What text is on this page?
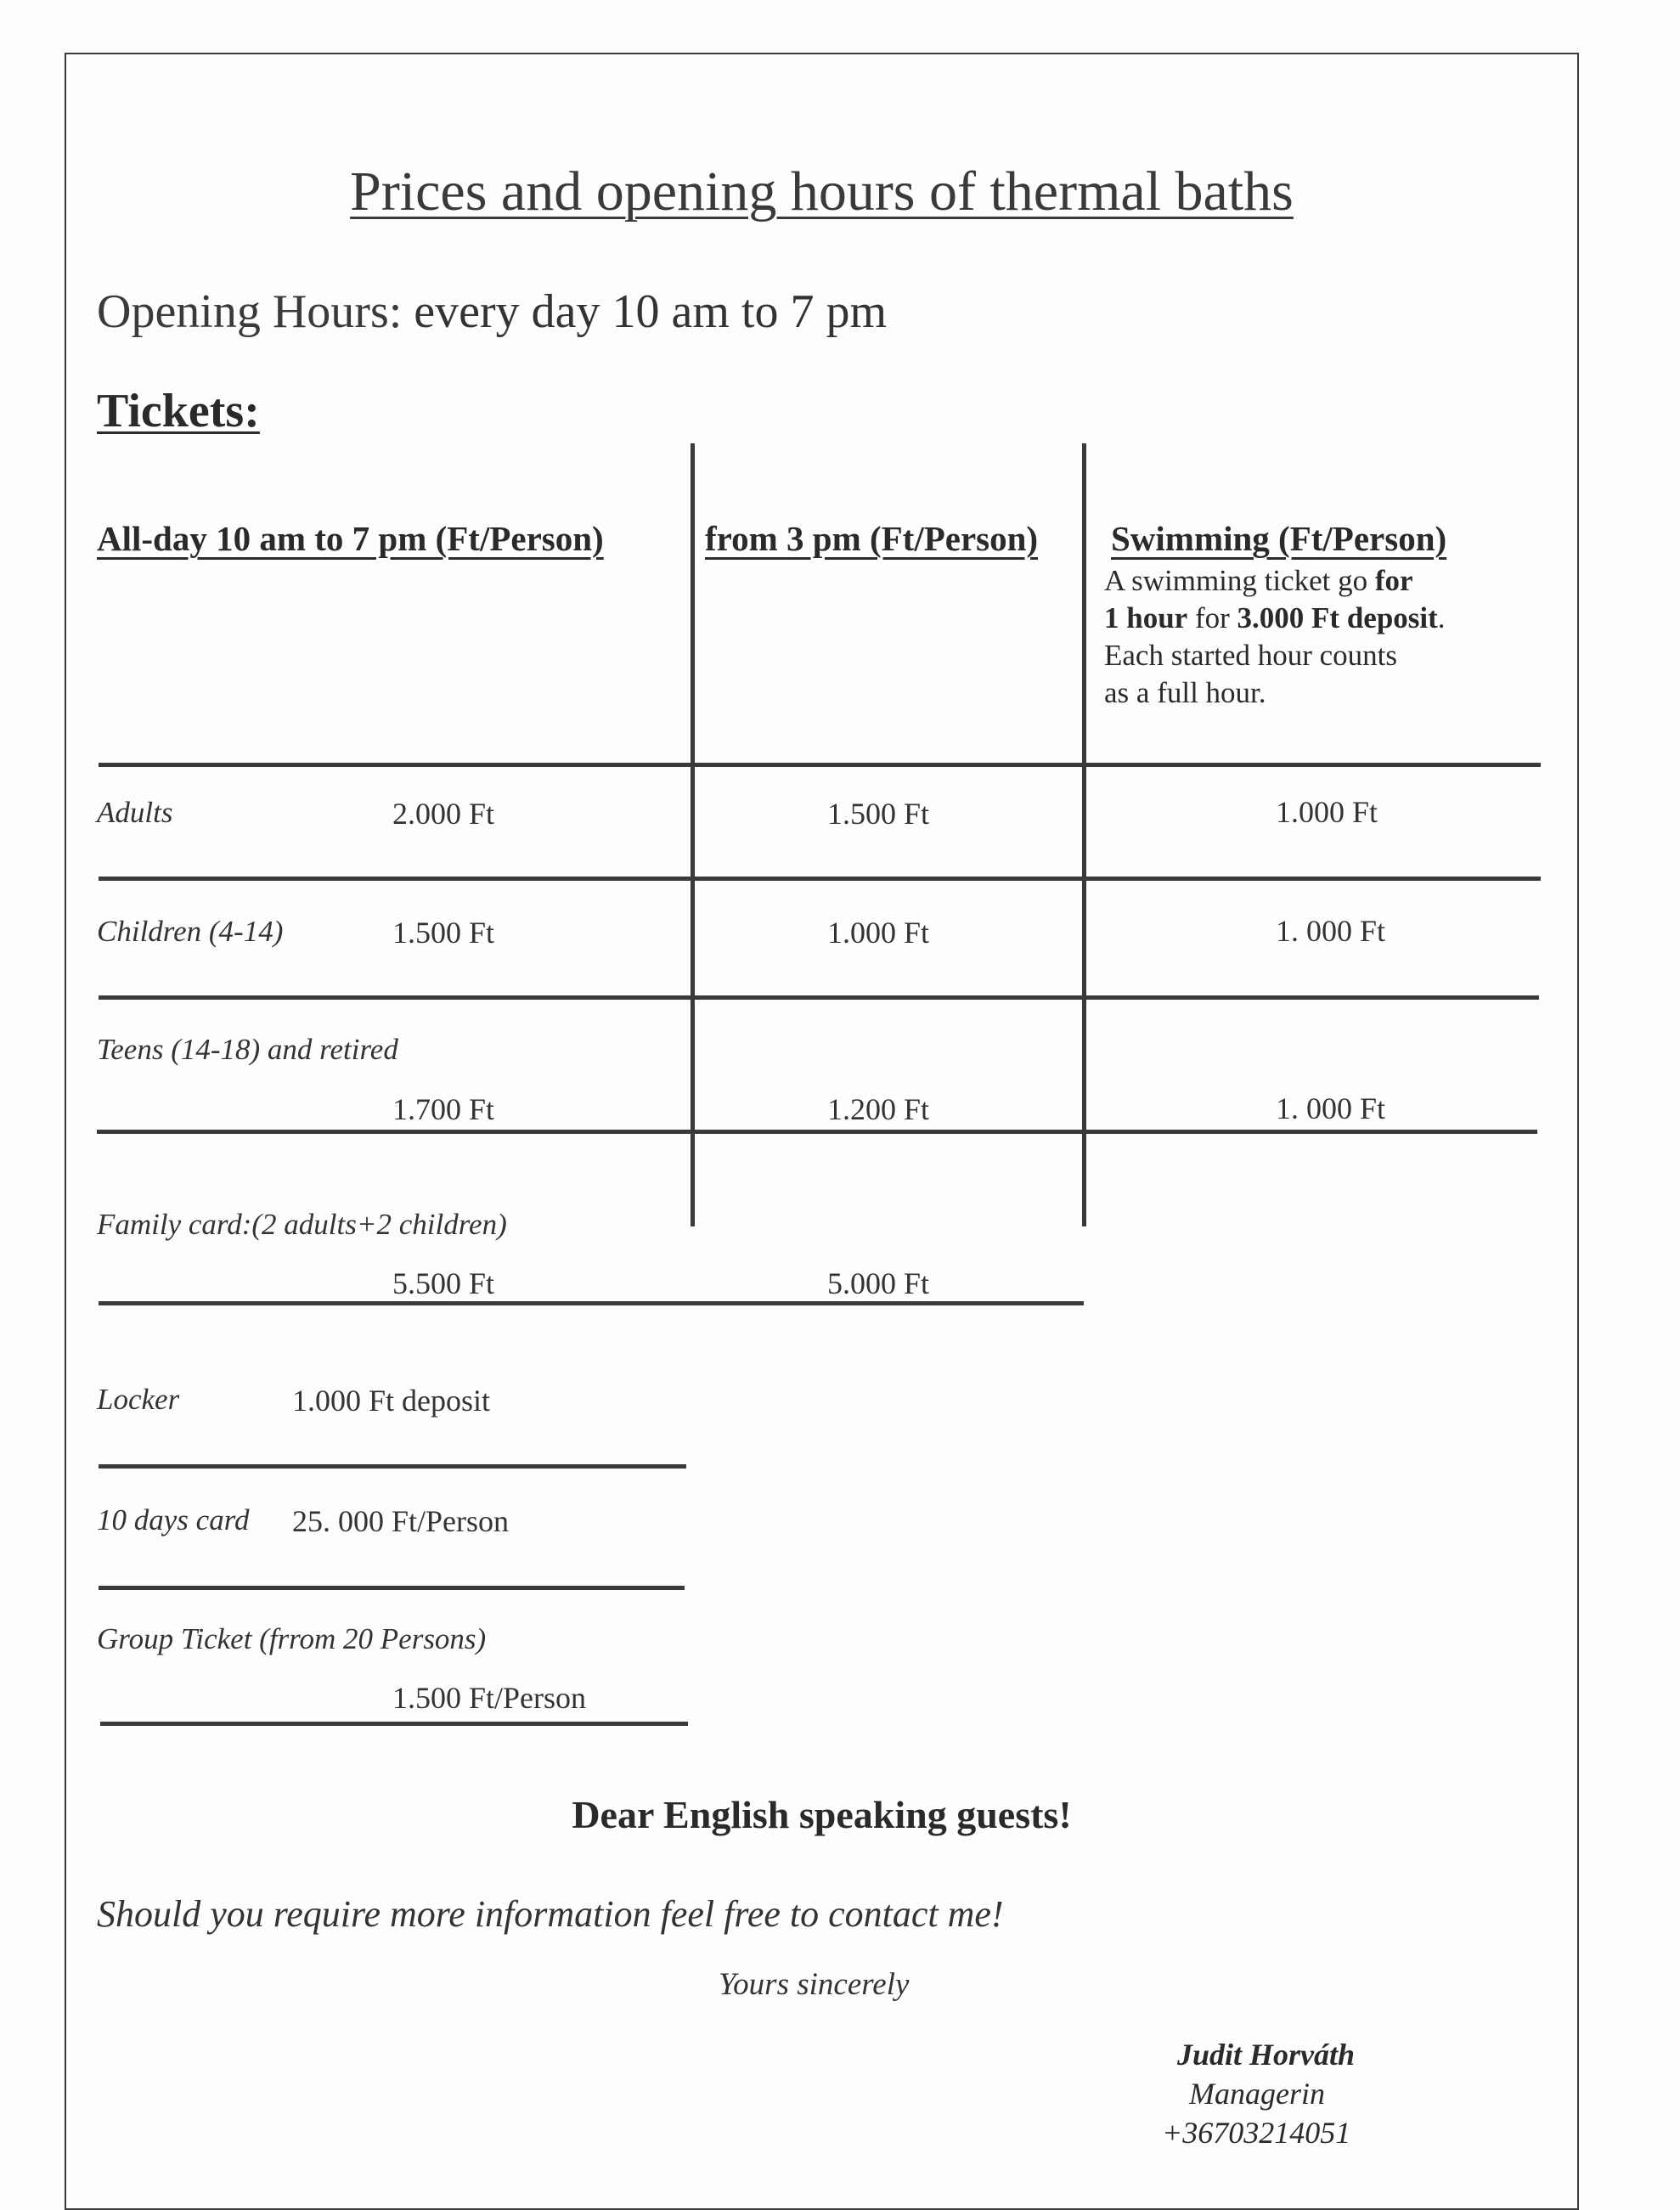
Prices and opening hours of thermal baths
Opening Hours: every day 10 am to 7 pm
Tickets:
All-day 10 am to 7 pm (Ft/Person)	from 3 pm (Ft/Person) Swimming (Ft/Person)
A swimming ticket go for
1 hour for 3.000 Ft deposit.
Each started hour counts
as a full hour.
Adults	2.000 Ft	1.500 Ft	1.000 Ft
Children (4-14)	1.500 Ft	1.000 Ft	1. 000 Ft
Teens (14-18) and retired
1.700 Ft	1.200 Ft	1. 000 Ft
Family card:(2 adults+2 children)
5.500 Ft	5.000 Ft
Locker	1.000 Ft deposit
10 days card 25. 000 Ft/Person
Group Ticket (frrom 20 Persons)
1.500 Ft/Person
Dear English speaking guests!
Should you require more information feel free to contact me!
Yours sincerely
Judit Horváth
Managerin
+36703214051
